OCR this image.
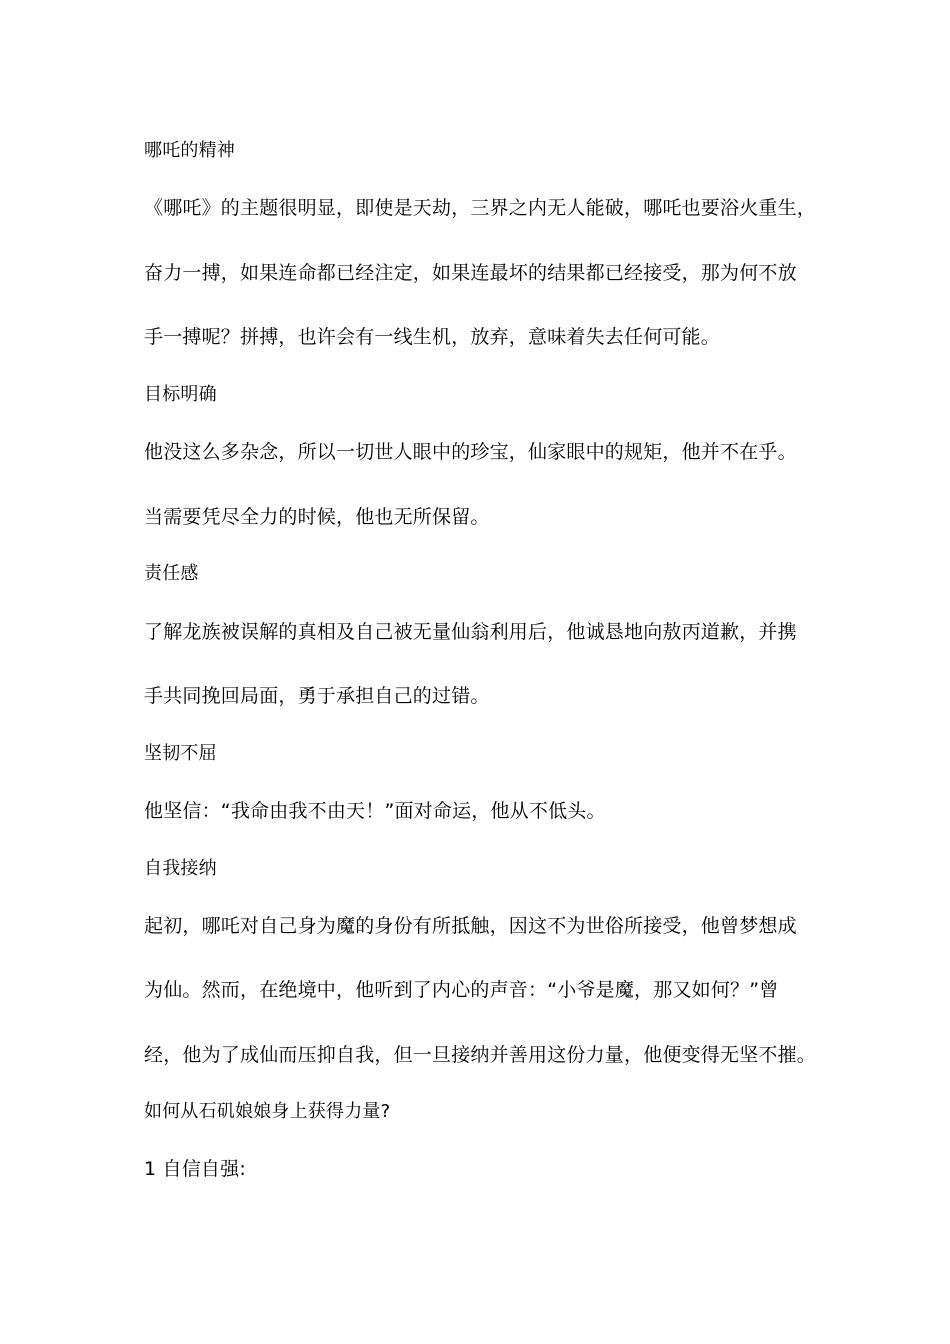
哪吒的精神
《哪吒》的主题很明显，即使是天劫，三界之内无人能破，哪吒也要浴火重生，
奋力一搏，如果连命都已经注定，如果连最坏的结果都已经接受，那为何不放
手一搏呢？拼搏，也许会有一线生机，放弃，意味着失去任何可能。
目标明确
他没这么多杂念，所以一切世人眼中的珍宝，仙家眼中的规矩，他并不在乎。
当需要凭尽全力的时候，他也无所保留。
责任感
了解龙族被误解的真相及自己被无量仙翁利用后，他诚恳地向敖丙道歉，并携
手共同挽回局面，勇于承担自己的过错。
坚韧不屈
他坚信：“我命由我不由天！”面对命运，他从不低头。
自我接纳
起初，哪吒对自己身为魔的身份有所抵触，因这不为世俗所接受，他曾梦想成
为仙。然而，在绝境中，他听到了内心的声音：“小爷是魔，那又如何？”曾
经，他为了成仙而压抑自我，但一旦接纳并善用这份力量，他便变得无坚不摧。
如何从石矶娘娘身上获得力量?
1 自信自强:
